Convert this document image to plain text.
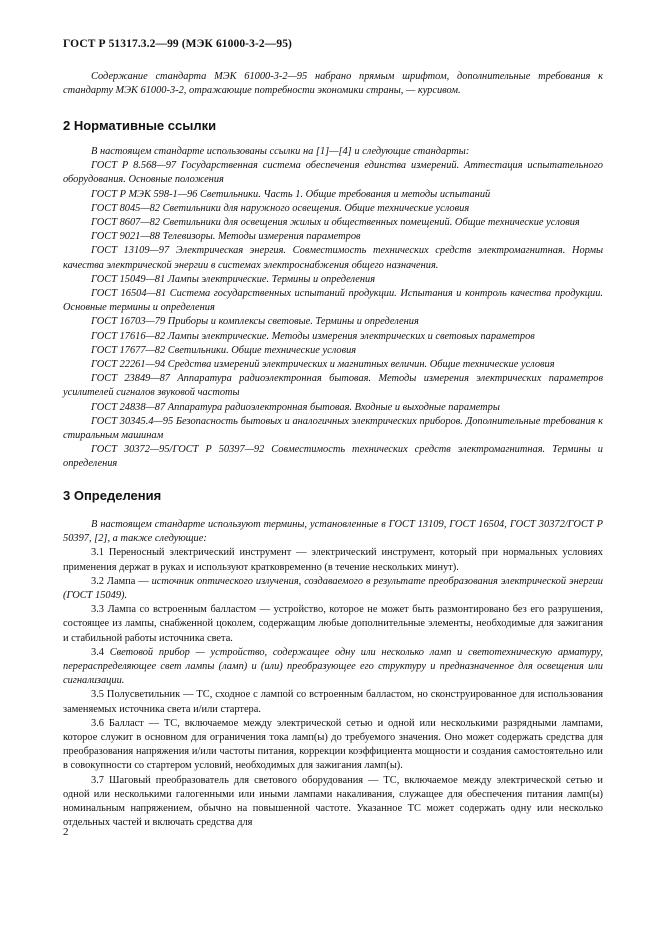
ГОСТ Р 51317.3.2—99 (МЭК 61000-3-2—95)

Содержание стандарта МЭК 61000-3-2—95 набрано прямым шрифтом, дополнительные требования к стандарту МЭК 61000-3-2, отражающие потребности экономики страны, — курсивом.

2 Нормативные ссылки

В настоящем стандарте использованы ссылки на [1]—[4] и следующие стандарты:

ГОСТ Р 8.568—97 Государственная система обеспечения единства измерений. Аттестация испытательного оборудования. Основные положения

ГОСТ Р МЭК 598-1—96 Светильники. Часть 1. Общие требования и методы испытаний

ГОСТ 8045—82 Светильники для наружного освещения. Общие технические условия

ГОСТ 8607—82 Светильники для освещения жилых и общественных помещений. Общие технические условия

ГОСТ 9021—88 Телевизоры. Методы измерения параметров

ГОСТ 13109—97 Электрическая энергия. Совместимость технических средств электромагнитная. Нормы качества электрической энергии в системах электроснабжения общего назначения.

ГОСТ 15049—81 Лампы электрические. Термины и определения

ГОСТ 16504—81 Система государственных испытаний продукции. Испытания и контроль качества продукции. Основные термины и определения

ГОСТ 16703—79 Приборы и комплексы световые. Термины и определения

ГОСТ 17616—82 Лампы электрические. Методы измерения электрических и световых параметров

ГОСТ 17677—82 Светильники. Общие технические условия

ГОСТ 22261—94 Средства измерений электрических и магнитных величин. Общие технические условия

ГОСТ 23849—87 Аппаратура радиоэлектронная бытовая. Методы измерения электрических параметров усилителей сигналов звуковой частоты

ГОСТ 24838—87 Аппаратура радиоэлектронная бытовая. Входные и выходные параметры

ГОСТ 30345.4—95 Безопасность бытовых и аналогичных электрических приборов. Дополнительные требования к стиральным машинам

ГОСТ 30372—95/ГОСТ Р 50397—92 Совместимость технических средств электромагнитная. Термины и определения

3 Определения

В настоящем стандарте используют термины, установленные в ГОСТ 13109, ГОСТ 16504, ГОСТ 30372/ГОСТ Р 50397, [2], а также следующие:

3.1 Переносный электрический инструмент — электрический инструмент, который при нормальных условиях применения держат в руках и используют кратковременно (в течение нескольких минут).

3.2 Лампа — источник оптического излучения, создаваемого в результате преобразования электрической энергии (ГОСТ 15049).

3.3 Лампа со встроенным балластом — устройство, которое не может быть размонтировано без его разрушения, состоящее из лампы, снабженной цоколем, содержащим любые дополнительные элементы, необходимые для зажигания и стабильной работы источника света.

3.4 Световой прибор — устройство, содержащее одну или несколько ламп и светотехническую арматуру, перераспределяющее свет лампы (ламп) и (или) преобразующее его структуру и предназначенное для освещения или сигнализации.

3.5 Полусветильник — ТС, сходное с лампой со встроенным балластом, но сконструированное для использования заменяемых источника света и/или стартера.

3.6 Балласт — ТС, включаемое между электрической сетью и одной или несколькими разрядными лампами, которое служит в основном для ограничения тока ламп(ы) до требуемого значения. Оно может содержать средства для преобразования напряжения и/или частоты питания, коррекции коэффициента мощности и создания самостоятельно или в совокупности со стартером условий, необходимых для зажигания ламп(ы).

3.7 Шаговый преобразователь для светового оборудования — ТС, включаемое между электрической сетью и одной или несколькими галогенными или иными лампами накаливания, служащее для обеспечения питания ламп(ы) номинальным напряжением, обычно на повышенной частоте. Указанное ТС может содержать одну или несколько отдельных частей и включать средства для

2
